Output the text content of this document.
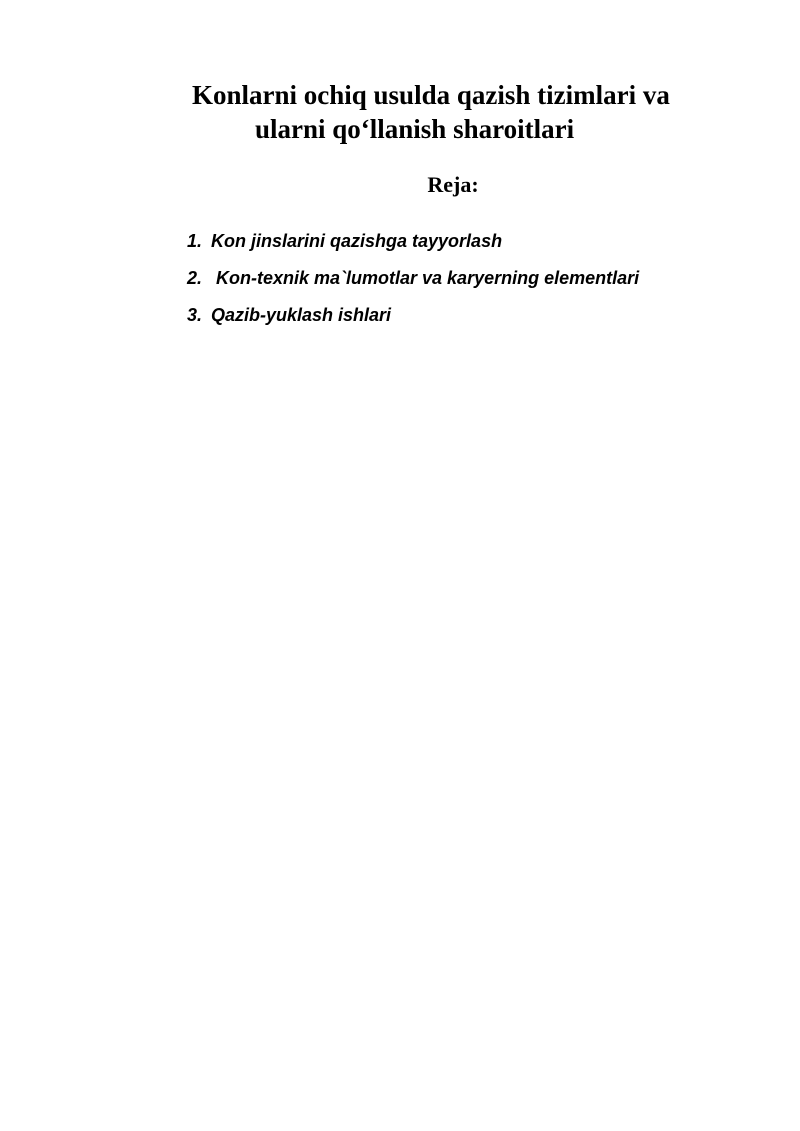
Konlarni ochiq usulda qazish tizimlari va
ularni qo‘llanish sharoitlari
Reja:
1. Kon jinslarini qazishga tayyorlash
2. Kon-texnik ma`lumotlar va karyerning elementlari
3. Qazib-yuklash ishlari
